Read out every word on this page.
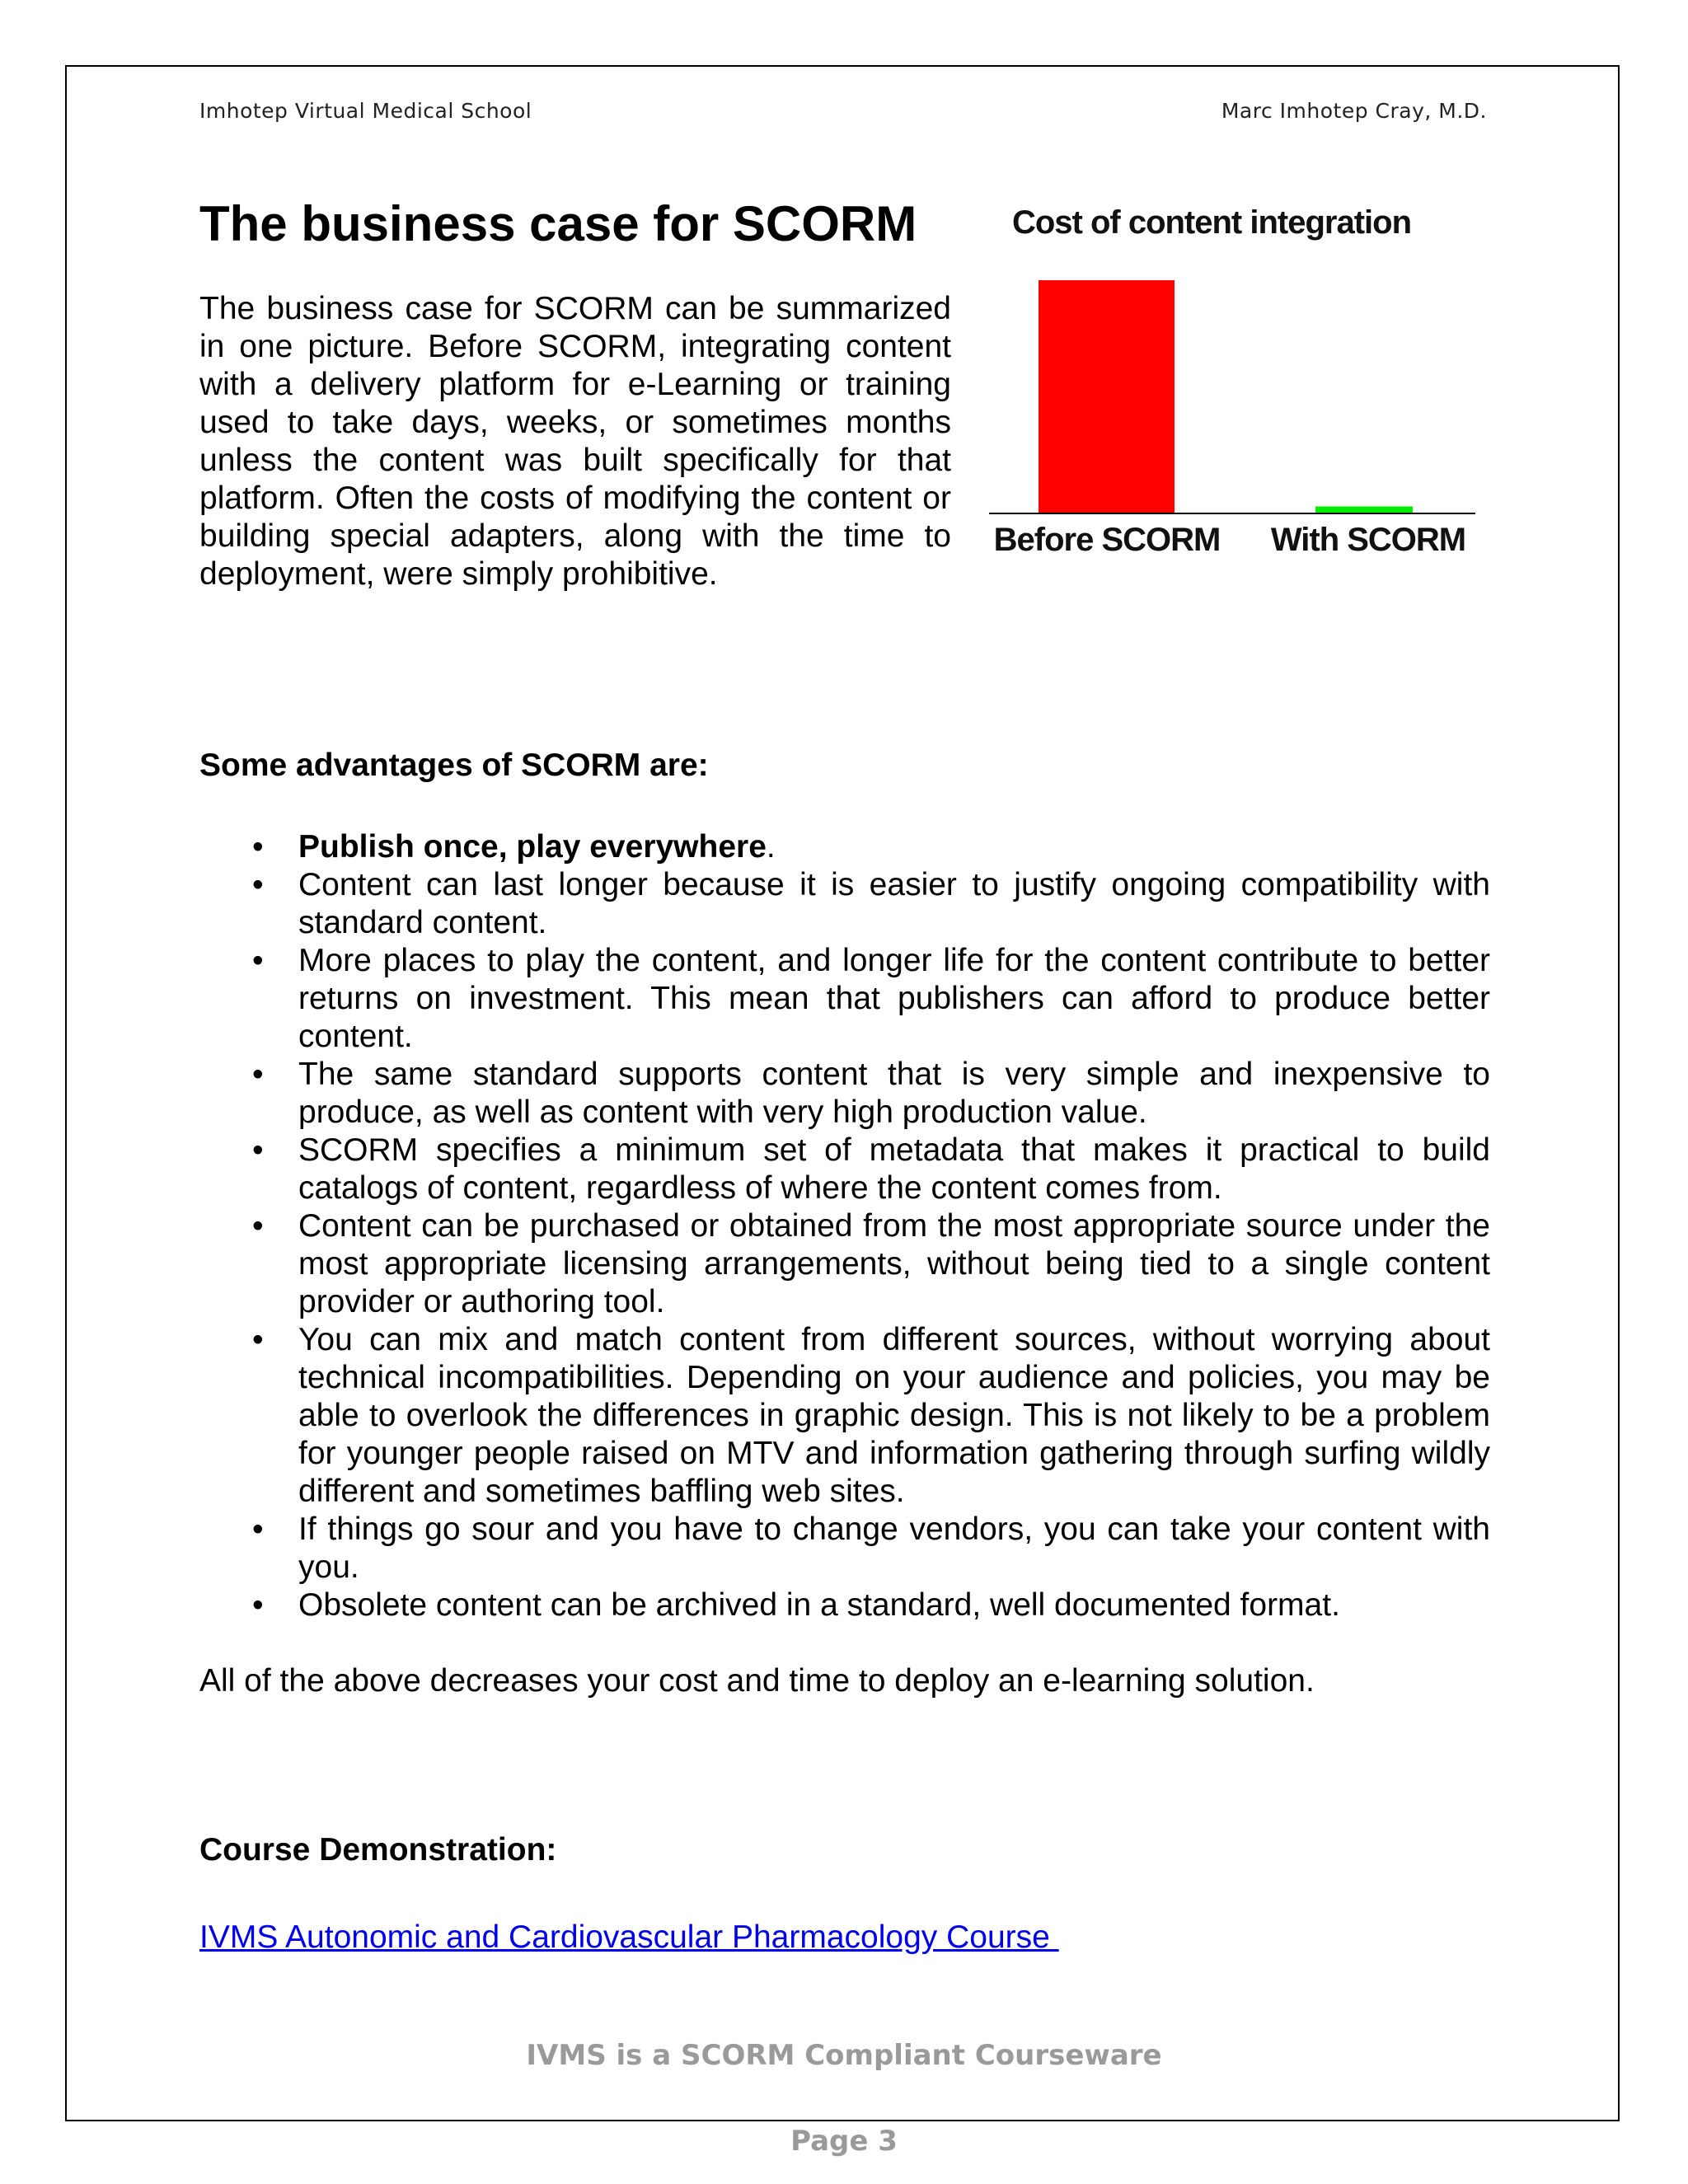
Imhotep Virtual Medical School	Marc Imhotep Cray, M.D.
The business case for SCORM

The business case for SCORM can be summarized in one picture. Before SCORM, integrating content with a delivery platform for e-Learning or training used to take days, weeks, or sometimes months unless the content was built specifically for that platform. Often the costs of modifying the content or building special adapters, along with the time to deployment, were simply prohibitive.

Cost of content integration
Before SCORM With SCORM
Some advantages of SCORM are:
• Publish once, play everywhere.
• Content can last longer because it is easier to justify ongoing compatibility with standard content.
• More places to play the content, and longer life for the content contribute to better returns on investment. This mean that publishers can afford to produce better content.
• The same standard supports content that is very simple and inexpensive to produce, as well as content with very high production value.
• SCORM specifies a minimum set of metadata that makes it practical to build catalogs of content, regardless of where the content comes from.
• Content can be purchased or obtained from the most appropriate source under the most appropriate licensing arrangements, without being tied to a single content provider or authoring tool.
• You can mix and match content from different sources, without worrying about technical incompatibilities. Depending on your audience and policies, you may be able to overlook the differences in graphic design. This is not likely to be a problem for younger people raised on MTV and information gathering through surfing wildly different and sometimes baffling web sites.
• If things go sour and you have to change vendors, you can take your content with you.
• Obsolete content can be archived in a standard, well documented format.

All of the above decreases your cost and time to deploy an e-learning solution.

Course Demonstration:
IVMS Autonomic and Cardiovascular Pharmacology Course
IVMS is a SCORM Compliant Courseware
Page 3
